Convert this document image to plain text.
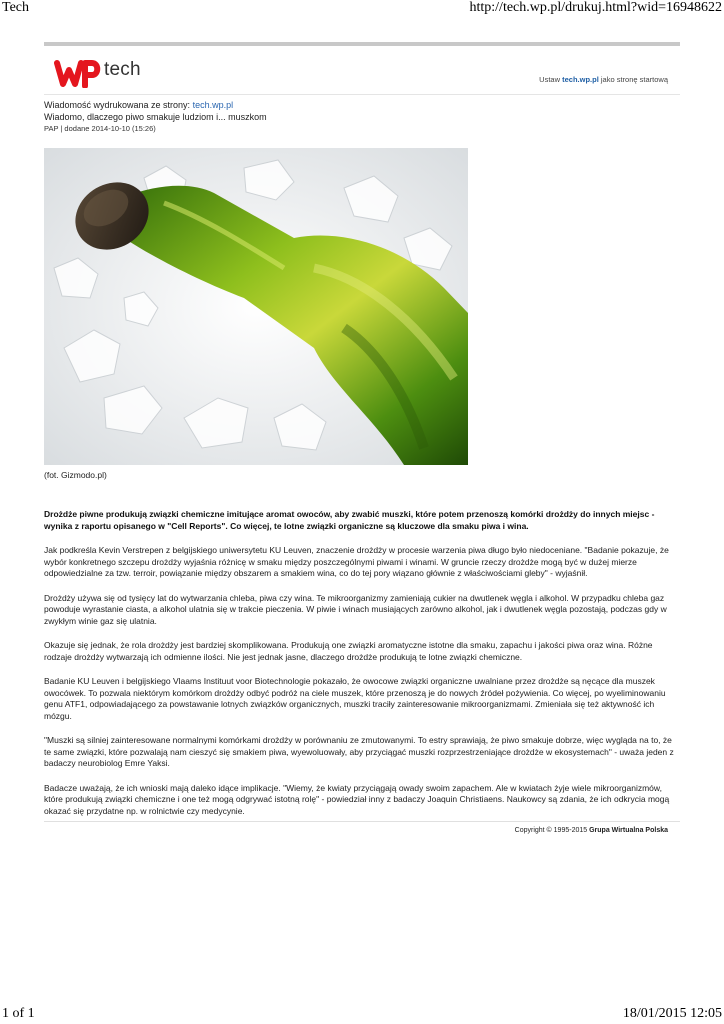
Tech	http://tech.wp.pl/drukuj.html?wid=16948622
tech	Ustaw tech.wp.pl jako stronę startową
Wiadomość wydrukowana ze strony: tech.wp.pl
Wiadomo, dlaczego piwo smakuje ludziom i... muszkom
PAP | dodane 2014-10-10 (15:26)
(fot. Gizmodo.pl)
Drożdże piwne produkują związki chemiczne imitujące aromat owoców, aby zwabić muszki, które potem przenoszą komórki drożdży do innych miejsc - wynika z raportu opisanego w "Cell Reports". Co więcej, te lotne związki organiczne są kluczowe dla smaku piwa i wina.
Jak podkreśla Kevin Verstrepen z belgijskiego uniwersytetu KU Leuven, znaczenie drożdży w procesie warzenia piwa długo było niedoceniane. "Badanie pokazuje, że wybór konkretnego szczepu drożdży wyjaśnia różnicę w smaku między poszczególnymi piwami i winami. W gruncie rzeczy drożdże mogą być w dużej mierze odpowiedzialne za tzw. terroir, powiązanie między obszarem a smakiem wina, co do tej pory wiązano głównie z właściwościami gleby" - wyjaśnił.
Drożdży używa się od tysięcy lat do wytwarzania chleba, piwa czy wina. Te mikroorganizmy zamieniają cukier na dwutlenek węgla i alkohol. W przypadku chleba gaz powoduje wyrastanie ciasta, a alkohol ulatnia się w trakcie pieczenia. W piwie i winach musiających zarówno alkohol, jak i dwutlenek węgla pozostają, podczas gdy w zwykłym winie gaz się ulatnia.
Okazuje się jednak, że rola drożdży jest bardziej skomplikowana. Produkują one związki aromatyczne istotne dla smaku, zapachu i jakości piwa oraz wina. Różne rodzaje drożdży wytwarzają ich odmienne ilości. Nie jest jednak jasne, dlaczego drożdże produkują te lotne związki chemiczne.
Badanie KU Leuven i belgijskiego Vlaams Instituut voor Biotechnologie pokazało, że owocowe związki organiczne uwalniane przez drożdże są nęcące dla muszek owocówek. To pozwala niektórym komórkom drożdży odbyć podróż na ciele muszek, które przenoszą je do nowych źródeł pożywienia. Co więcej, po wyeliminowaniu genu ATF1, odpowiadającego za powstawanie lotnych związków organicznych, muszki traciły zainteresowanie mikroorganizmami. Zmieniała się też aktywność ich mózgu.
"Muszki są silniej zainteresowane normalnymi komórkami drożdży w porównaniu ze zmutowanymi. To estry sprawiają, że piwo smakuje dobrze, więc wygląda na to, że te same związki, które pozwalają nam cieszyć się smakiem piwa, wyewoluowały, aby przyciągać muszki rozprzestrzeniające drożdże w ekosystemach" - uważa jeden z badaczy neurobiolog Emre Yaksi.
Badacze uważają, że ich wnioski mają daleko idące implikacje. "Wiemy, że kwiaty przyciągają owady swoim zapachem. Ale w kwiatach żyje wiele mikroorganizmów, które produkują związki chemiczne i one też mogą odgrywać istotną rolę" - powiedział inny z badaczy Joaquin Christiaens. Naukowcy są zdania, że ich odkrycia mogą okazać się przydatne np. w rolnictwie czy medycynie.
Copyright © 1995-2015 Grupa Wirtualna Polska
1 of 1	18/01/2015 12:05
